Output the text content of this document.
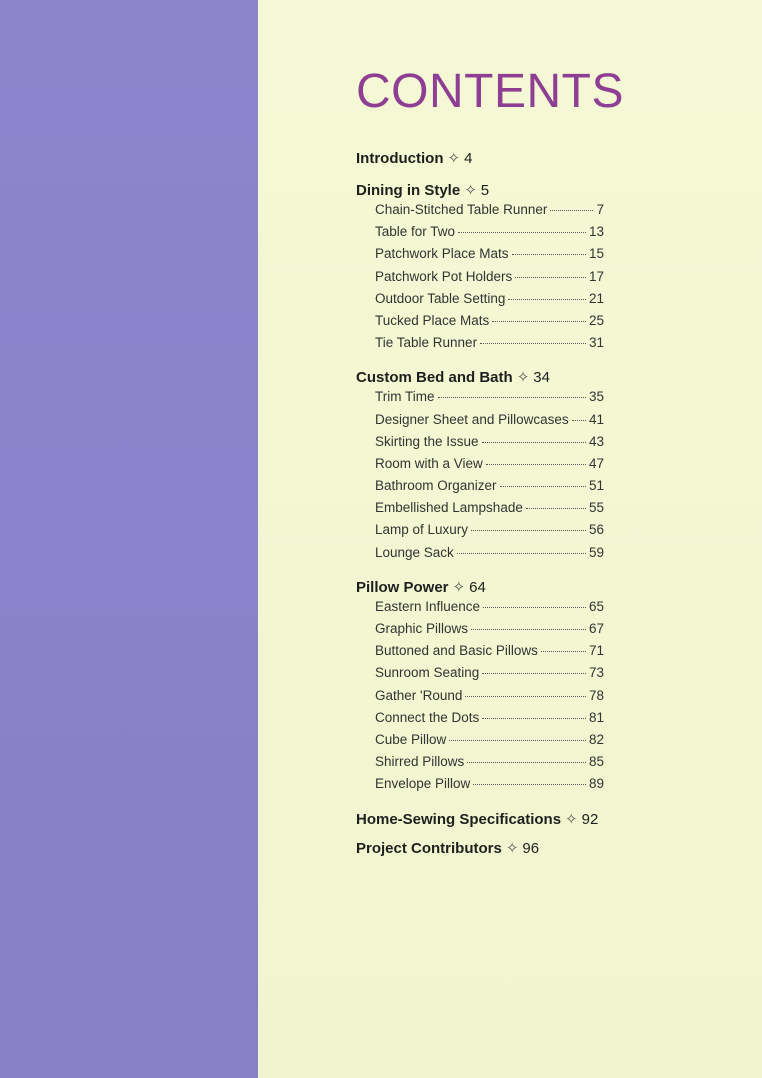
CONTENTS
Introduction ✧ 4
Dining in Style ✧ 5
Chain-Stitched Table Runner	7
Table for Two	13
Patchwork Place Mats	15
Patchwork Pot Holders	17
Outdoor Table Setting	21
Tucked Place Mats	25
Tie Table Runner	31
Custom Bed and Bath ✧ 34
Trim Time	35
Designer Sheet and Pillowcases 41
Skirting the Issue	43
Room with a View	47
Bathroom Organizer	51
Embellished Lampshade	55
Lamp of Luxury	56
Lounge Sack	59
Pillow Power ✧ 64
Eastern Influence	65
Graphic Pillows	67
Buttoned and Basic Pillows	71
Sunroom Seating	73
Gather 'Round	78
Connect the Dots	81
Cube Pillow	82
Shirred Pillows	85
Envelope Pillow	89
Home-Sewing Specifications ✧ 92
Project Contributors ✧ 96
